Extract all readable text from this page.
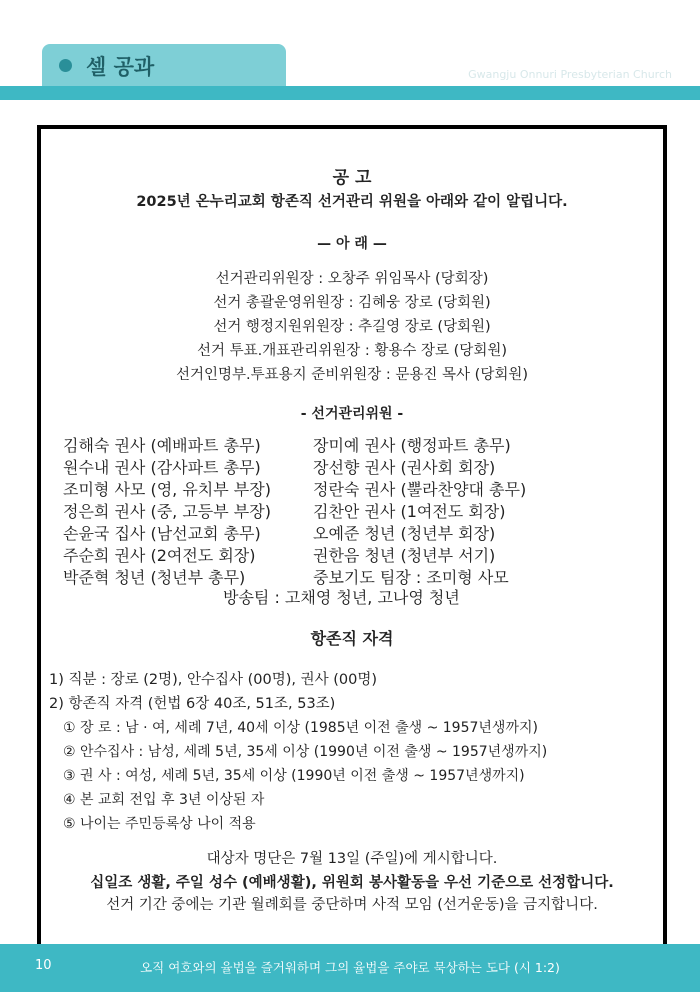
셀 공과	Gwangju Onnuri Presbyterian Church
공 고
2025년 온누리교회 항존직 선거관리 위원을 아래와 같이 알립니다.
— 아 래 —
선거관리위원장 : 오창주 위임목사 (당회장)
선거 총괄운영위원장 : 김혜웅 장로 (당회원)
선거 행정지원위원장 : 추길영 장로 (당회원)
선거 투표.개표관리위원장 : 황용수 장로 (당회원)
선거인명부.투표용지 준비위원장 : 문용진 목사 (당회원)
- 선거관리위원 -
김해숙 권사 (예배파트 총무)
원수내 권사 (감사파트 총무)
조미형 사모 (영, 유치부 부장)
정은희 권사 (중, 고등부 부장)
손윤국 집사 (남선교회 총무)
주순희 권사 (2여전도 회장)
박준혁 청년 (청년부 총무)
장미예 권사 (행정파트 총무)
장선향 권사 (권사회 회장)
정란숙 권사 (뿔라찬양대 총무)
김찬안 권사 (1여전도 회장)
오예준 청년 (청년부 회장)
권한음 청년 (청년부 서기)
중보기도 팀장 : 조미형 사모
방송팀 : 고채영 청년, 고나영 청년
항존직 자격
1) 직분 : 장로 (2명), 안수집사 (00명), 권사 (00명)
2) 항존직 자격 (헌법 6장 40조, 51조, 53조)
① 장 로 : 남 · 여, 세례 7년, 40세 이상 (1985년 이전 출생 ~ 1957년생까지)
② 안수집사 : 남성, 세례 5년, 35세 이상 (1990년 이전 출생 ~ 1957년생까지)
③ 권 사 : 여성, 세례 5년, 35세 이상 (1990년 이전 출생 ~ 1957년생까지)
④ 본 교회 전입 후 3년 이상된 자
⑤ 나이는 주민등록상 나이 적용
대상자 명단은 7월 13일 (주일)에 게시합니다.
십일조 생활, 주일 성수 (예배생활), 위원회 봉사활동을 우선 기준으로 선정합니다.
선거 기간 중에는 기관 월례회를 중단하며 사적 모임 (선거운동)을 금지합니다.
10	오직 여호와의 율법을 즐거워하며 그의 율법을 주야로 묵상하는 도다 (시 1:2)
